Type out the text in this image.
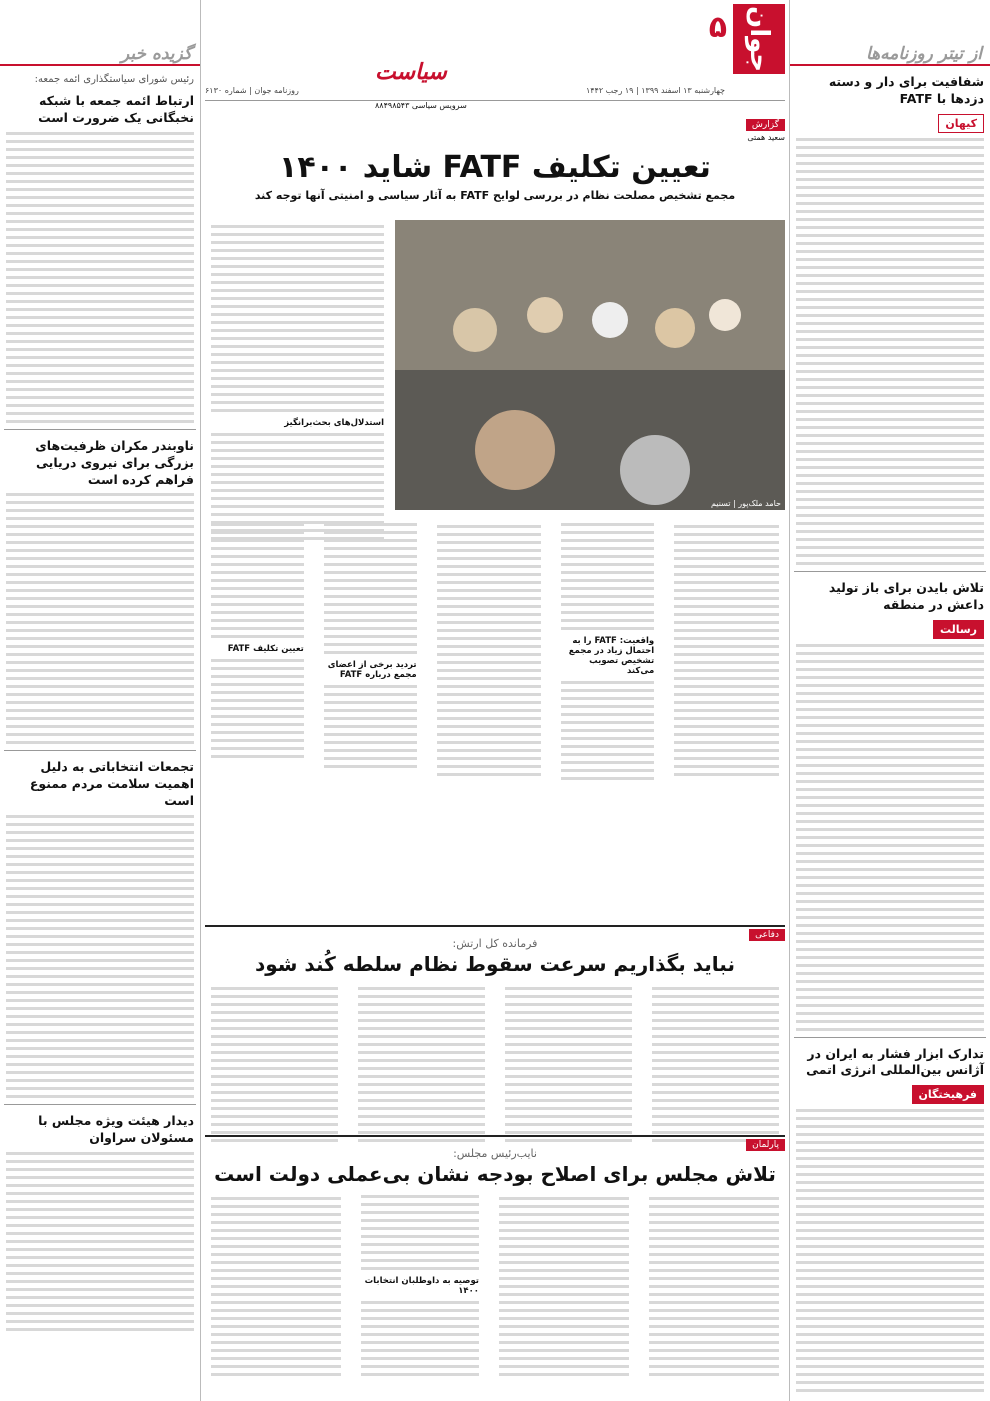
از تیتر روزنامه‌ها
شفافیت برای دار و دسته دزدها با FATF
کیهان
تلاش بایدن برای باز تولید داعش در منطقه
رسالت
تدارک ابزار فشار به ایران در آژانس بین‌المللی انرژی اتمی
فرهیختگان
گزیده خبر
رئیس شورای سیاستگذاری ائمه جمعه:
ارتباط ائمه جمعه با شبکه نخبگانی یک ضرورت است
ناوبندر مکران ظرفیت‌های بزرگی برای نیروی دریایی فراهم کرده است
تجمعات انتخاباتی به دلیل اهمیت سلامت مردم ممنوع است
دیدار هیئت ویژه مجلس با مسئولان سراوان
جوان
۵
سیاست
چهارشنبه ۱۳ اسفند ۱۳۹۹ | ۱۹ رجب ۱۴۴۲
روزنامه جوان | شماره ۶۱۳۰
سرویس سیاسی ۸۸۴۹۸۵۴۳
گزارش
سعید همتی
تعیین تکلیف FATF شاید ۱۴۰۰
مجمع تشخیص مصلحت نظام در بررسی لوایح FATF به آثار سیاسی و امنیتی آنها توجه کند
حامد ملک‌پور | تسنیم
استدلال‌های بحث‌برانگیز
واقعیت: FATF را به احتمال زیاد در مجمع تشخیص تصویب می‌کند
تردید برخی از اعضای مجمع درباره FATF
تعیین تکلیف FATF
دفاعی
فرمانده کل ارتش:
نباید بگذاریم سرعت سقوط نظام سلطه کُند شود
پارلمان
نایب‌رئیس مجلس:
تلاش مجلس برای اصلاح بودجه نشان بی‌عملی دولت است
توصیه به داوطلبان انتخابات ۱۴۰۰
